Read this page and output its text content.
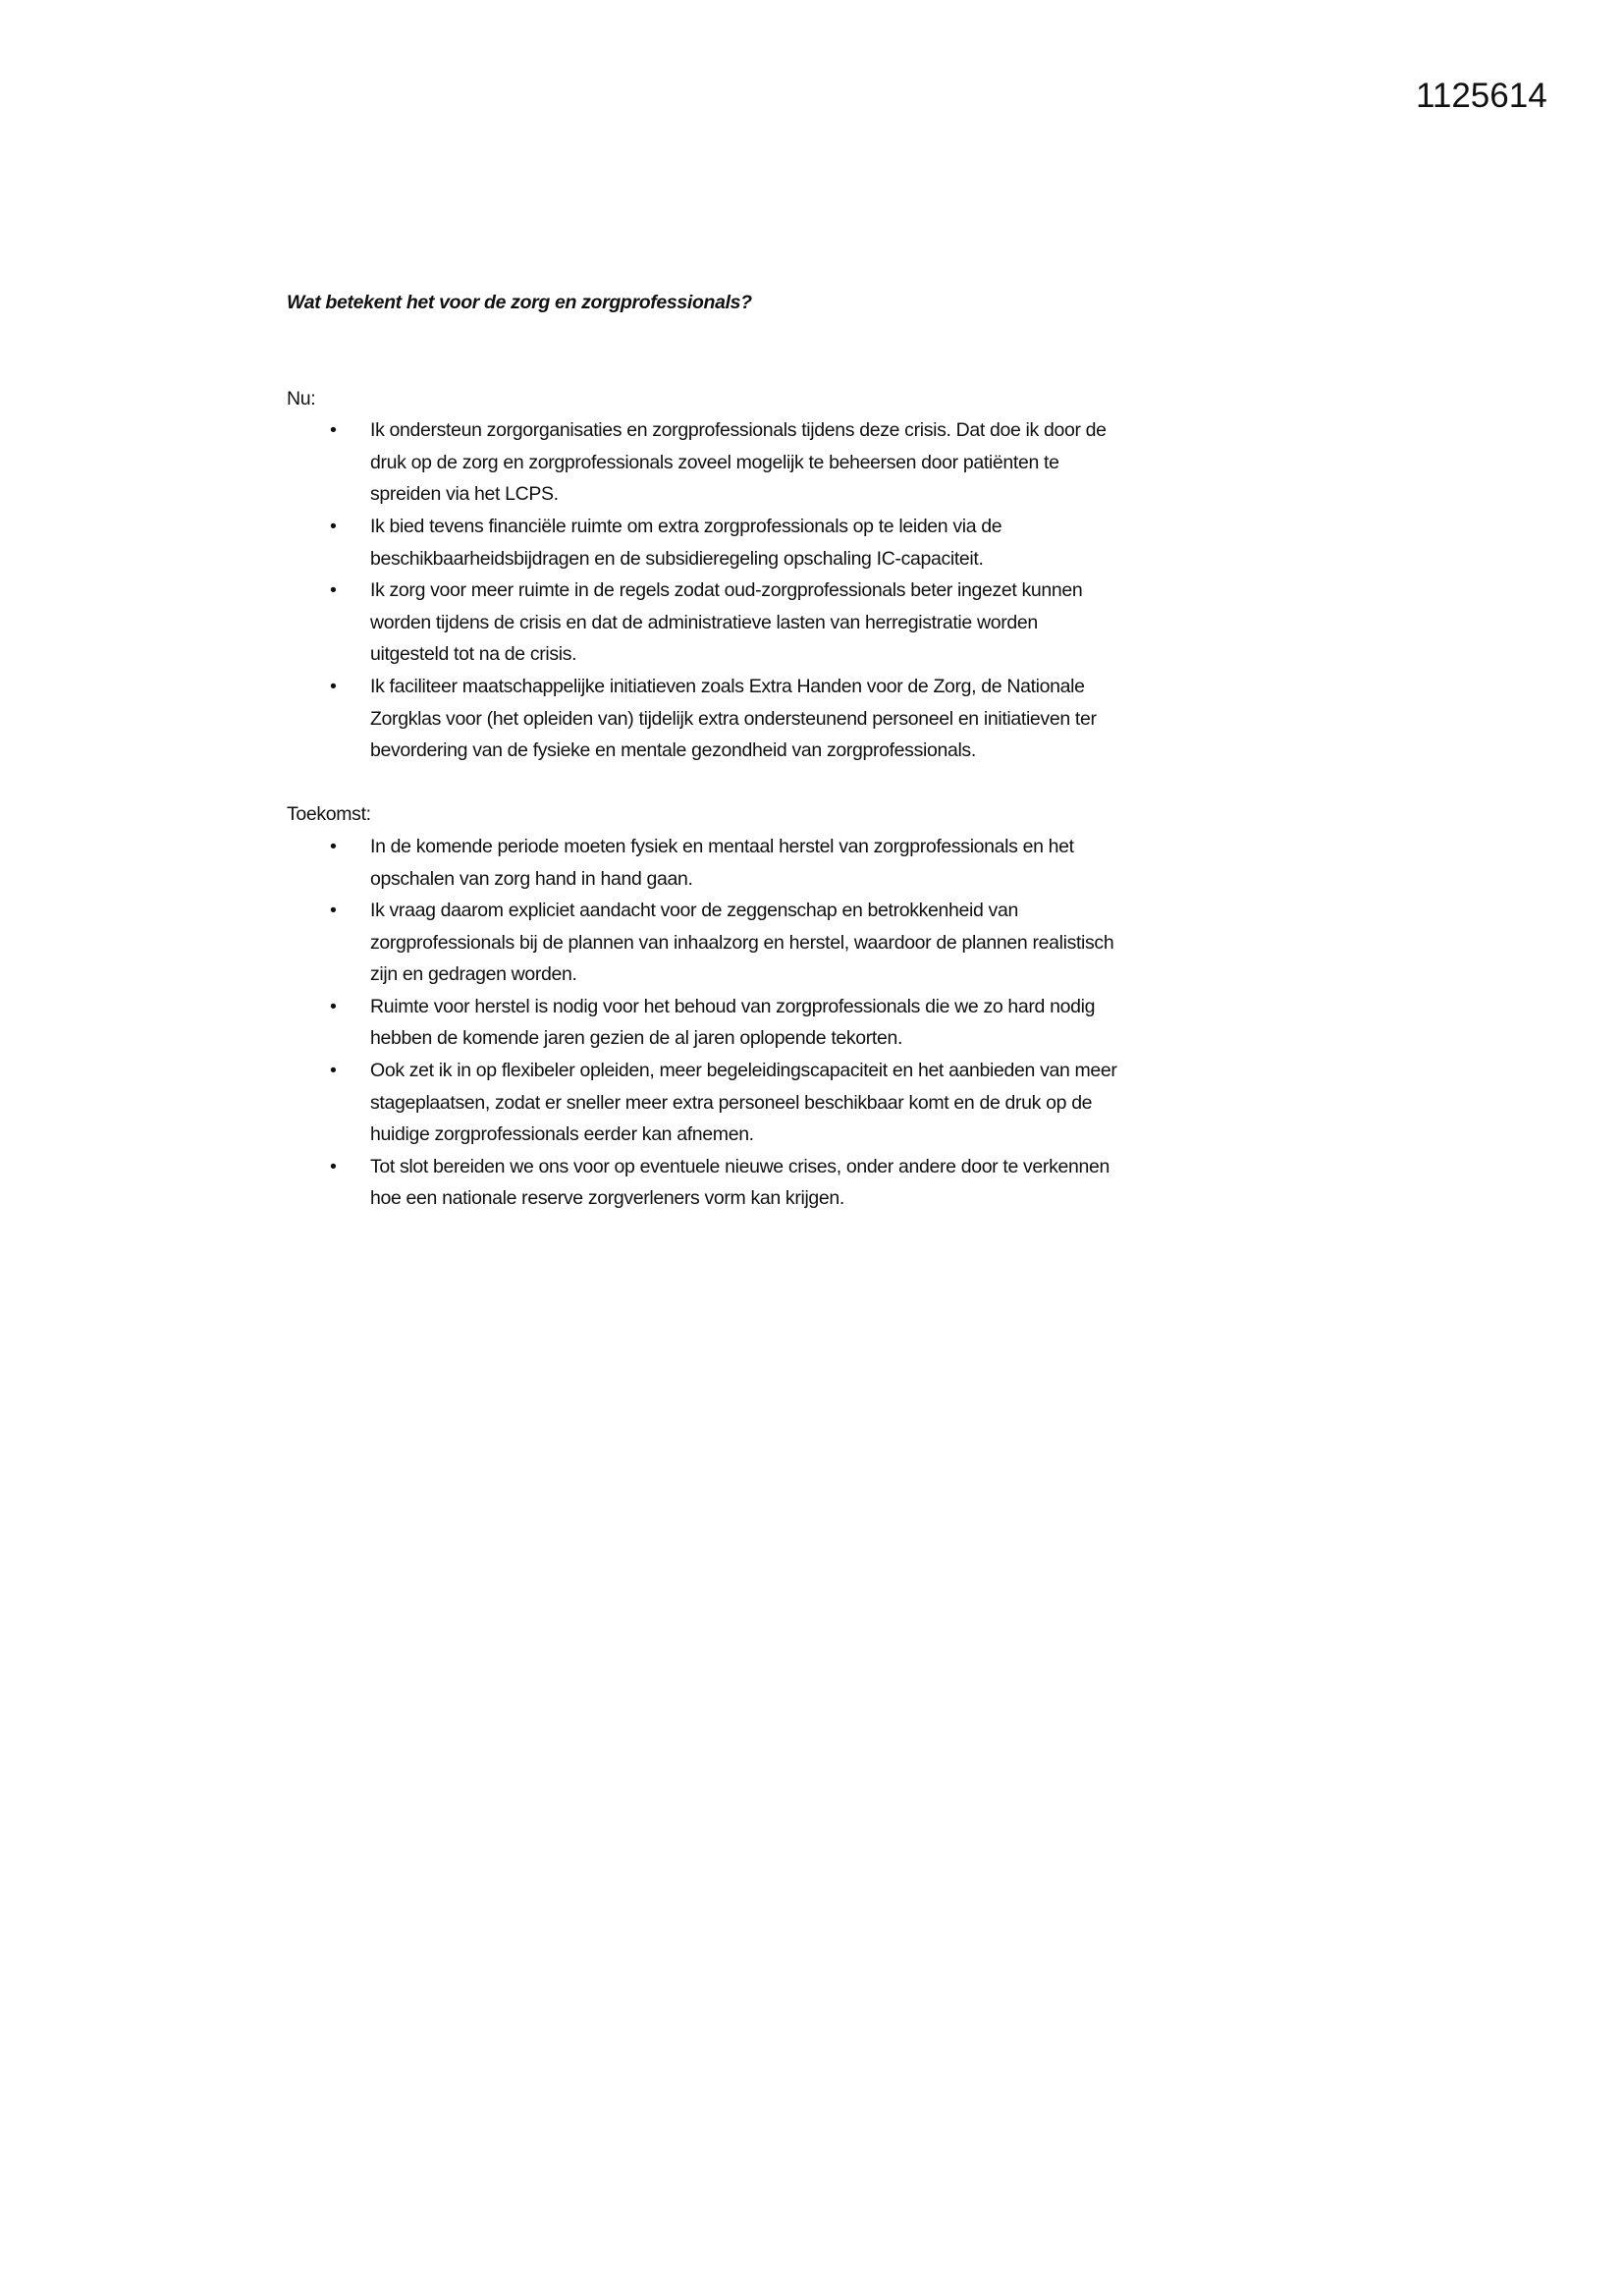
1125614
Wat betekent het voor de zorg en zorgprofessionals?
Nu:
• Ik ondersteun zorgorganisaties en zorgprofessionals tijdens deze crisis. Dat doe ik door de
druk op de zorg en zorgprofessionals zoveel mogelijk te beheersen door patiënten te
spreiden via het LCPS.
• Ik bied tevens financiële ruimte om extra zorgprofessionals op te leiden via de
beschikbaarheidsbijdragen en de subsidieregeling opschaling IC-capaciteit.
• Ik zorg voor meer ruimte in de regels zodat oud-zorgprofessionals beter ingezet kunnen
worden tijdens de crisis en dat de administratieve lasten van herregistratie worden
uitgesteld tot na de crisis.
• Ik faciliteer maatschappelijke initiatieven zoals Extra Handen voor de Zorg, de Nationale
Zorgklas voor (het opleiden van) tijdelijk extra ondersteunend personeel en initiatieven ter
bevordering van de fysieke en mentale gezondheid van zorgprofessionals.
Toekomst:
• In de komende periode moeten fysiek en mentaal herstel van zorgprofessionals en het
opschalen van zorg hand in hand gaan.
• Ik vraag daarom expliciet aandacht voor de zeggenschap en betrokkenheid van
zorgprofessionals bij de plannen van inhaalzorg en herstel, waardoor de plannen realistisch
zijn en gedragen worden.
• Ruimte voor herstel is nodig voor het behoud van zorgprofessionals die we zo hard nodig
hebben de komende jaren gezien de al jaren oplopende tekorten.
• Ook zet ik in op flexibeler opleiden, meer begeleidingscapaciteit en het aanbieden van meer
stageplaatsen, zodat er sneller meer extra personeel beschikbaar komt en de druk op de
huidige zorgprofessionals eerder kan afnemen.
• Tot slot bereiden we ons voor op eventuele nieuwe crises, onder andere door te verkennen
hoe een nationale reserve zorgverleners vorm kan krijgen.
